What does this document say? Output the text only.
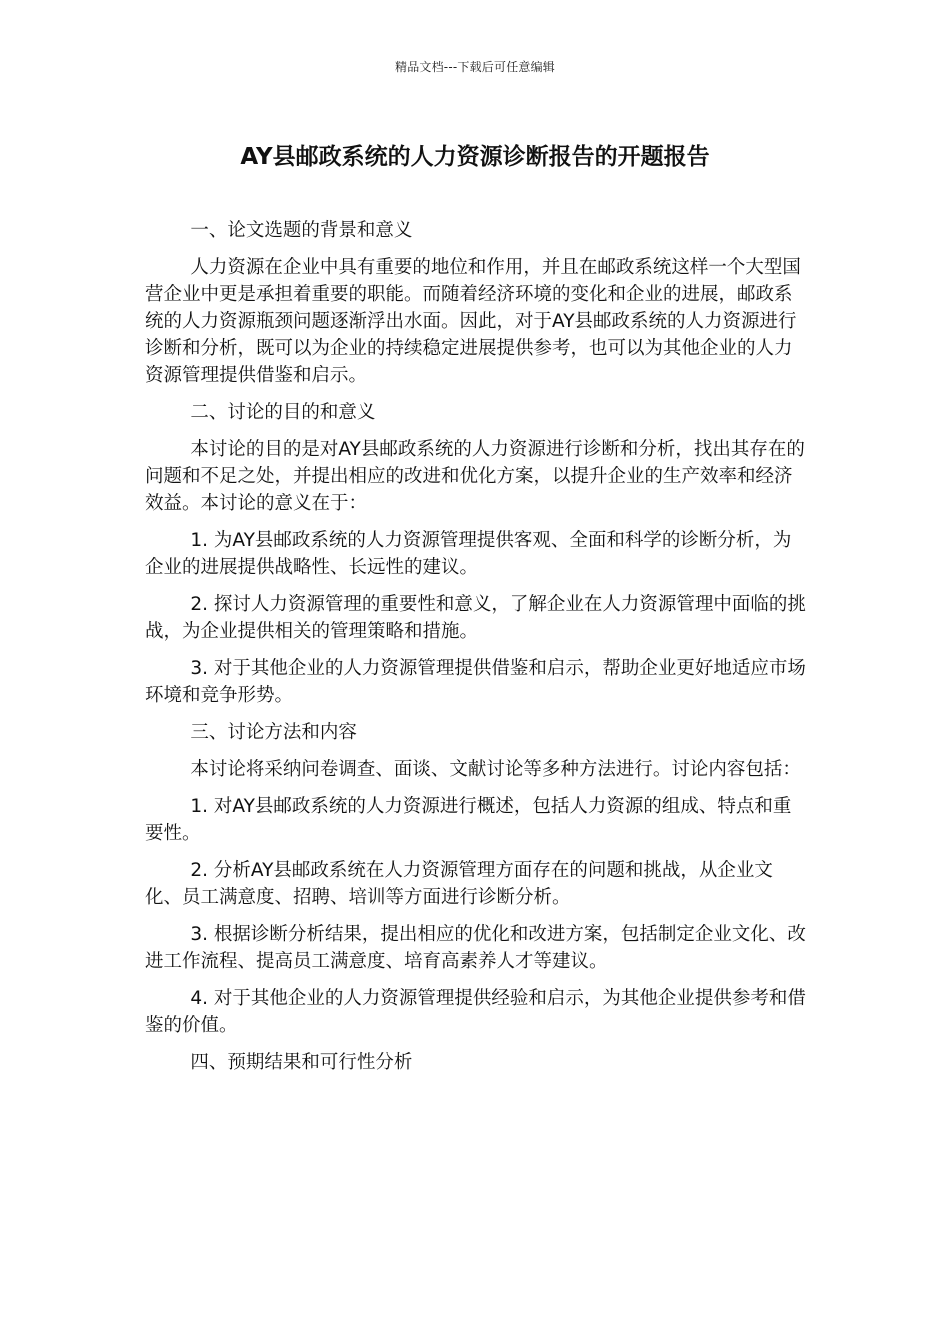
精品文档---下载后可任意编辑
AY县邮政系统的人力资源诊断报告的开题报告

一、论文选题的背景和意义

人力资源在企业中具有重要的地位和作用，并且在邮政系统这样一个大型国营企业中更是承担着重要的职能。而随着经济环境的变化和企业的进展，邮政系统的人力资源瓶颈问题逐渐浮出水面。因此，对于AY县邮政系统的人力资源进行诊断和分析，既可以为企业的持续稳定进展提供参考，也可以为其他企业的人力资源管理提供借鉴和启示。

二、讨论的目的和意义

本讨论的目的是对AY县邮政系统的人力资源进行诊断和分析，找出其存在的问题和不足之处，并提出相应的改进和优化方案，以提升企业的生产效率和经济效益。本讨论的意义在于：

1. 为AY县邮政系统的人力资源管理提供客观、全面和科学的诊断分析，为企业的进展提供战略性、长远性的建议。

2. 探讨人力资源管理的重要性和意义，了解企业在人力资源管理中面临的挑战，为企业提供相关的管理策略和措施。

3. 对于其他企业的人力资源管理提供借鉴和启示，帮助企业更好地适应市场环境和竞争形势。

三、讨论方法和内容

本讨论将采纳问卷调查、面谈、文献讨论等多种方法进行。讨论内容包括：

1. 对AY县邮政系统的人力资源进行概述，包括人力资源的组成、特点和重要性。

2. 分析AY县邮政系统在人力资源管理方面存在的问题和挑战，从企业文化、员工满意度、招聘、培训等方面进行诊断分析。

3. 根据诊断分析结果，提出相应的优化和改进方案，包括制定企业文化、改进工作流程、提高员工满意度、培育高素养人才等建议。

4. 对于其他企业的人力资源管理提供经验和启示，为其他企业提供参考和借鉴的价值。

四、预期结果和可行性分析
